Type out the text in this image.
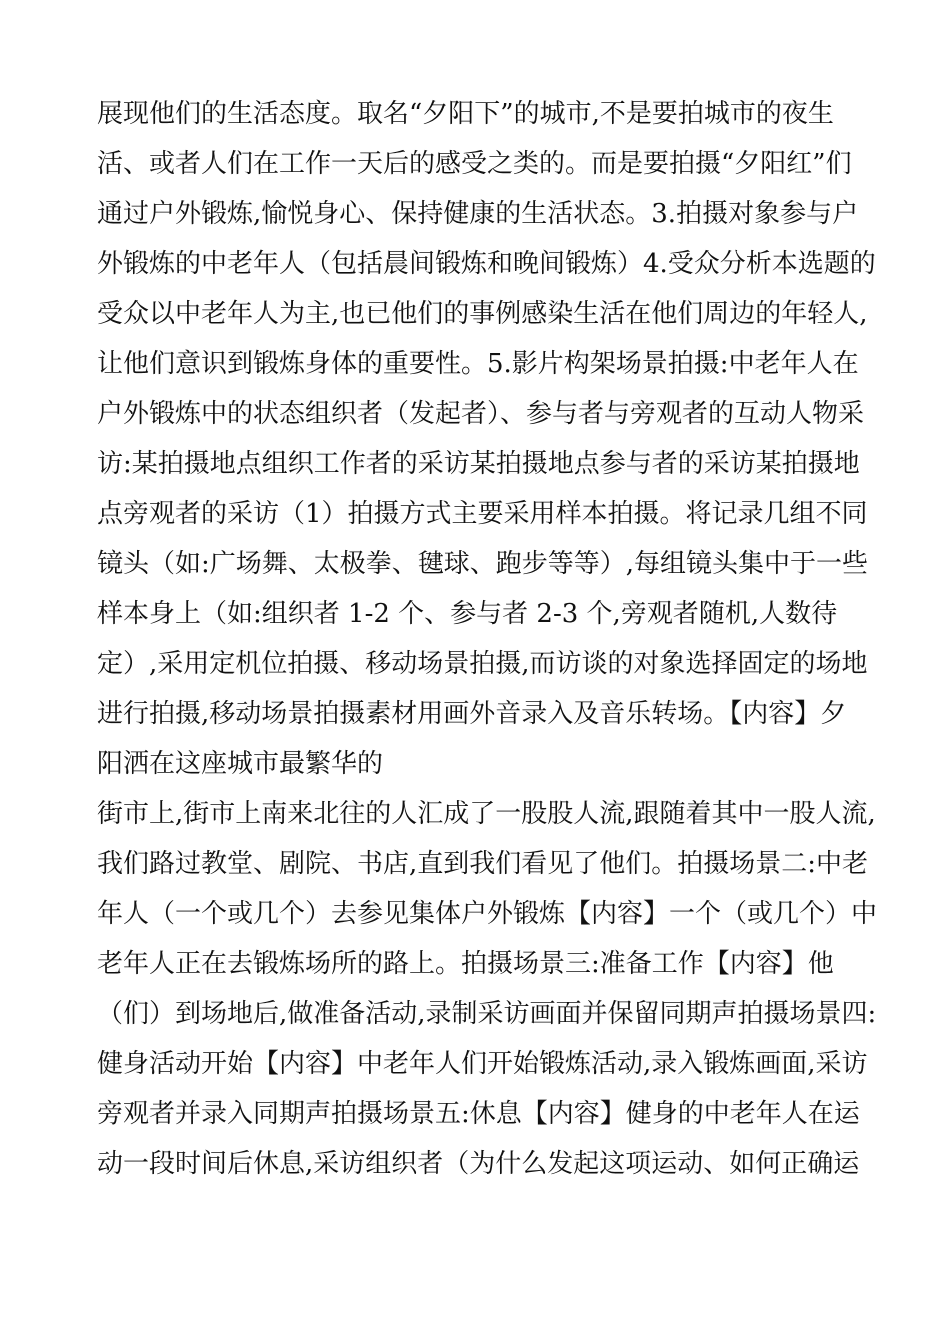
展现他们的生活态度。取名“夕阳下”的城市,不是要拍城市的夜生
活、或者人们在工作一天后的感受之类的。而是要拍摄“夕阳红”们
通过户外锻炼,愉悦身心、保持健康的生活状态。3.拍摄对象参与户
外锻炼的中老年人（包括晨间锻炼和晚间锻炼）4.受众分析本选题的
受众以中老年人为主,也已他们的事例感染生活在他们周边的年轻人,
让他们意识到锻炼身体的重要性。5.影片构架场景拍摄:中老年人在
户外锻炼中的状态组织者（发起者）、参与者与旁观者的互动人物采
访:某拍摄地点组织工作者的采访某拍摄地点参与者的采访某拍摄地
点旁观者的采访（1）拍摄方式主要采用样本拍摄。将记录几组不同
镜头（如:广场舞、太极拳、毽球、跑步等等）,每组镜头集中于一些
样本身上（如:组织者 1-2 个、参与者 2-3 个,旁观者随机,人数待
定）,采用定机位拍摄、移动场景拍摄,而访谈的对象选择固定的场地
进行拍摄,移动场景拍摄素材用画外音录入及音乐转场。【内容】夕
阳洒在这座城市最繁华的
街市上,街市上南来北往的人汇成了一股股人流,跟随着其中一股人流,
我们路过教堂、剧院、书店,直到我们看见了他们。拍摄场景二:中老
年人（一个或几个）去参见集体户外锻炼【内容】一个（或几个）中
老年人正在去锻炼场所的路上。拍摄场景三:准备工作【内容】他
（们）到场地后,做准备活动,录制采访画面并保留同期声拍摄场景四:
健身活动开始【内容】中老年人们开始锻炼活动,录入锻炼画面,采访
旁观者并录入同期声拍摄场景五:休息【内容】健身的中老年人在运
动一段时间后休息,采访组织者（为什么发起这项运动、如何正确运
